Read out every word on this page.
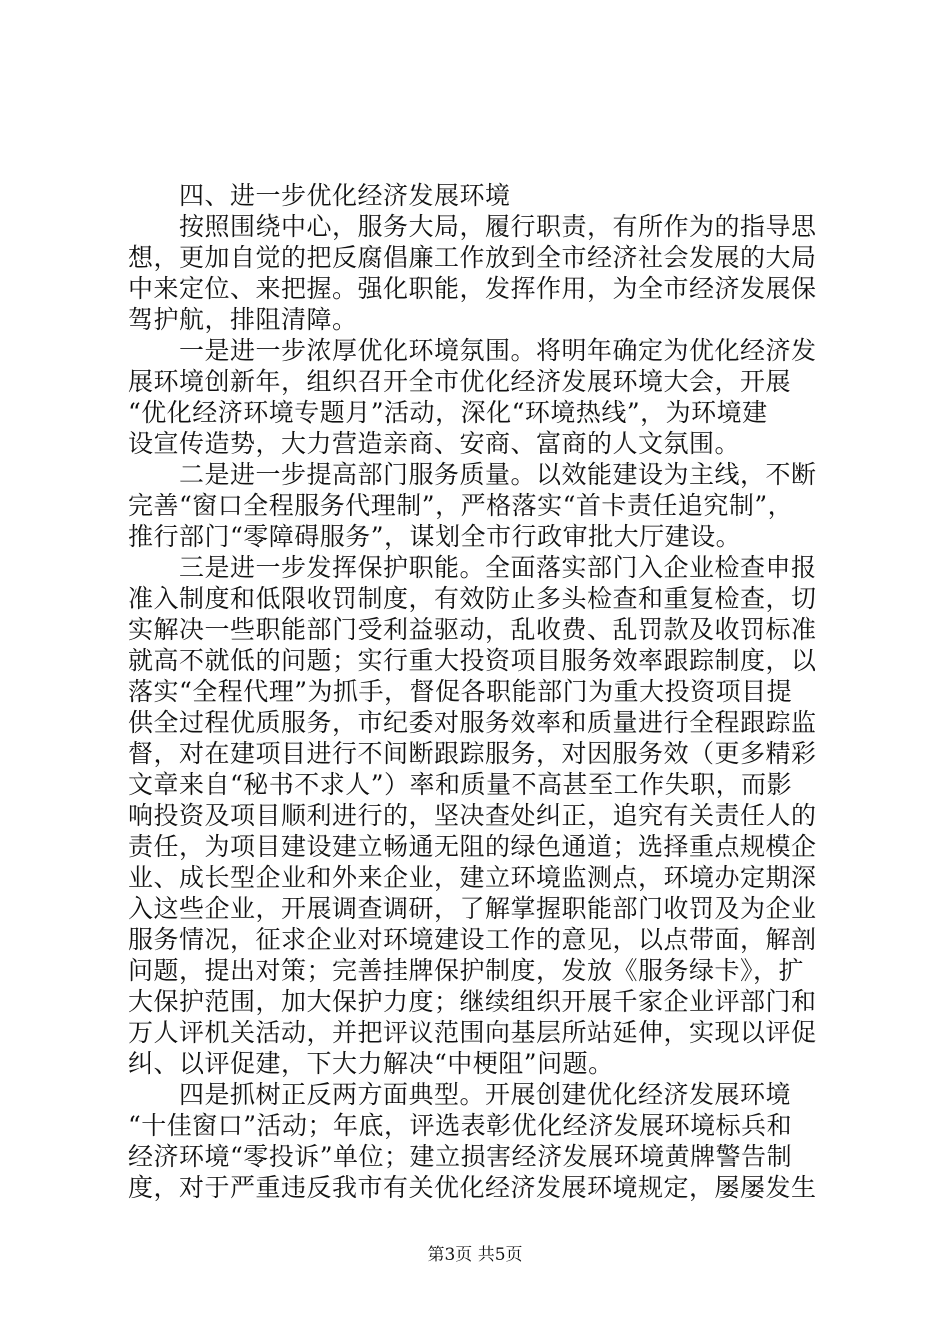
　　四、进一步优化经济发展环境
　　按照围绕中心，服务大局，履行职责，有所作为的指导思
想，更加自觉的把反腐倡廉工作放到全市经济社会发展的大局
中来定位、来把握。强化职能，发挥作用，为全市经济发展保
驾护航，排阻清障。
　　一是进一步浓厚优化环境氛围。将明年确定为优化经济发
展环境创新年，组织召开全市优化经济发展环境大会，开展
“优化经济环境专题月”活动，深化“环境热线”，为环境建
设宣传造势，大力营造亲商、安商、富商的人文氛围。
　　二是进一步提高部门服务质量。以效能建设为主线，不断
完善“窗口全程服务代理制”，严格落实“首卡责任追究制”，
推行部门“零障碍服务”，谋划全市行政审批大厅建设。
　　三是进一步发挥保护职能。全面落实部门入企业检查申报
准入制度和低限收罚制度，有效防止多头检查和重复检查，切
实解决一些职能部门受利益驱动，乱收费、乱罚款及收罚标准
就高不就低的问题；实行重大投资项目服务效率跟踪制度，以
落实“全程代理”为抓手，督促各职能部门为重大投资项目提
供全过程优质服务，市纪委对服务效率和质量进行全程跟踪监
督，对在建项目进行不间断跟踪服务，对因服务效（更多精彩
文章来自“秘书不求人”）率和质量不高甚至工作失职，而影
响投资及项目顺利进行的，坚决查处纠正，追究有关责任人的
责任，为项目建设建立畅通无阻的绿色通道；选择重点规模企
业、成长型企业和外来企业，建立环境监测点，环境办定期深
入这些企业，开展调查调研，了解掌握职能部门收罚及为企业
服务情况，征求企业对环境建设工作的意见，以点带面，解剖
问题，提出对策；完善挂牌保护制度，发放《服务绿卡》，扩
大保护范围，加大保护力度；继续组织开展千家企业评部门和
万人评机关活动，并把评议范围向基层所站延伸，实现以评促
纠、以评促建，下大力解决“中梗阻”问题。
　　四是抓树正反两方面典型。开展创建优化经济发展环境
“十佳窗口”活动；年底，评选表彰优化经济发展环境标兵和
经济环境“零投诉”单位；建立损害经济发展环境黄牌警告制
度，对于严重违反我市有关优化经济发展环境规定，屡屡发生
第3页 共5页
